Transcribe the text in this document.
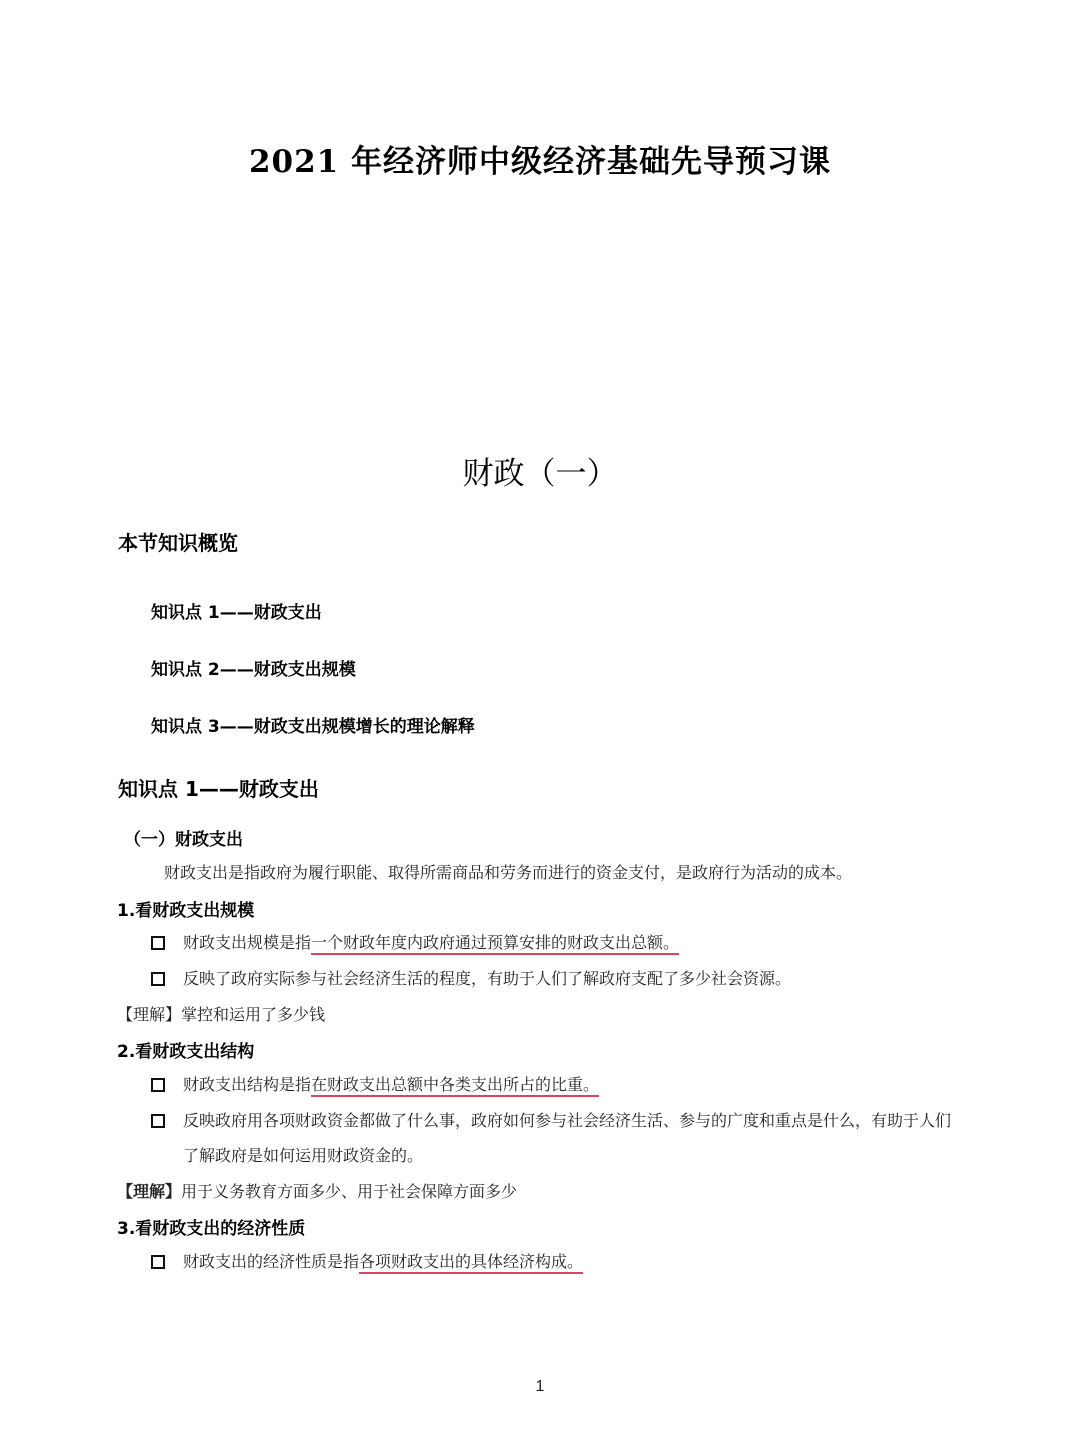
2021 年经济师中级经济基础先导预习课
财政（一）
本节知识概览
知识点 1——财政支出
知识点 2——财政支出规模
知识点 3——财政支出规模增长的理论解释
知识点 1——财政支出
（一）财政支出
财政支出是指政府为履行职能、取得所需商品和劳务而进行的资金支付，是政府行为活动的成本。
1.看财政支出规模
财政支出规模是指一个财政年度内政府通过预算安排的财政支出总额。
反映了政府实际参与社会经济生活的程度，有助于人们了解政府支配了多少社会资源。
【理解】掌控和运用了多少钱
2.看财政支出结构
财政支出结构是指在财政支出总额中各类支出所占的比重。
反映政府用各项财政资金都做了什么事，政府如何参与社会经济生活、参与的广度和重点是什么，有助于人们了解政府是如何运用财政资金的。
【理解】用于义务教育方面多少、用于社会保障方面多少
3.看财政支出的经济性质
财政支出的经济性质是指各项财政支出的具体经济构成。
1
